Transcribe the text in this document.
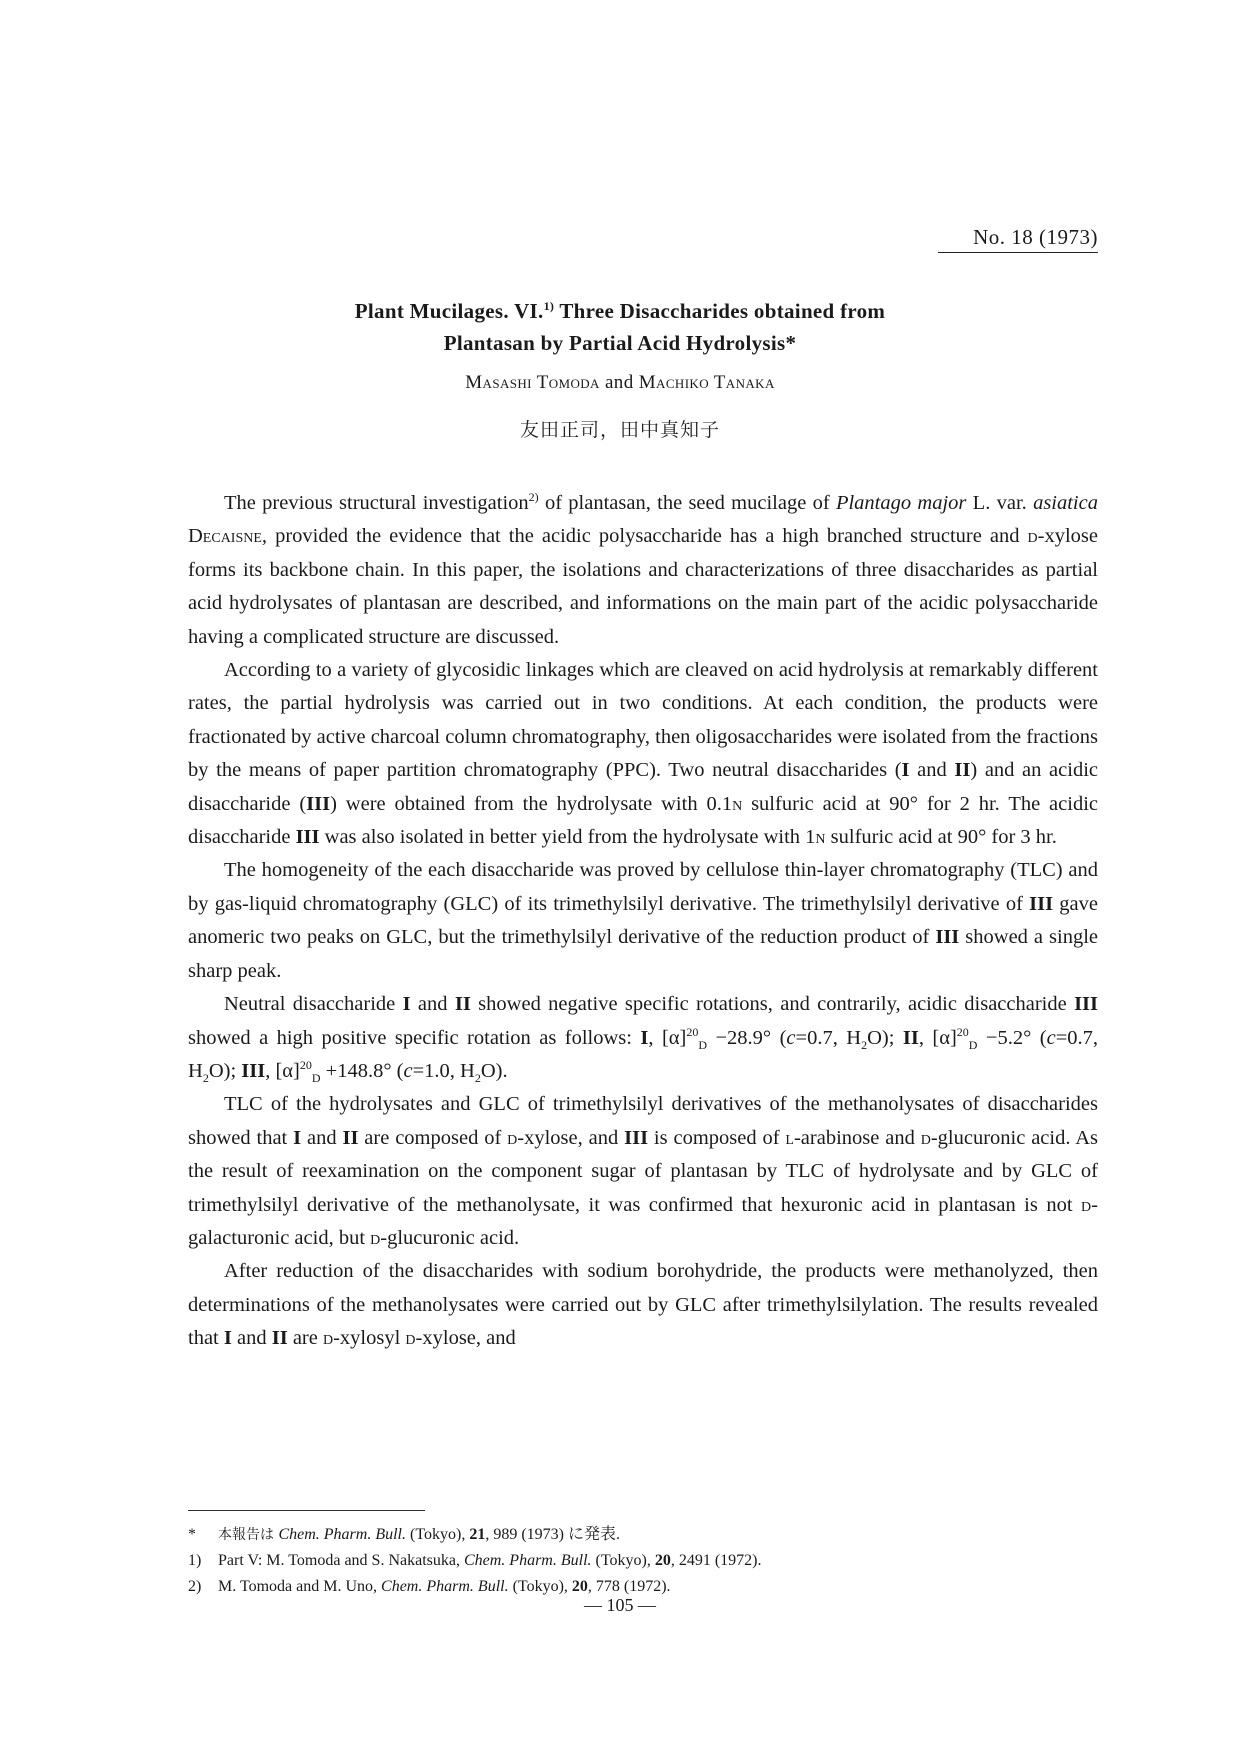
No. 18 (1973)
Plant Mucilages. VI.$^{1)}$ Three Disaccharides obtained from
Plantasan by Partial Acid Hydrolysis*
Masashi Tomoda and Machiko Tanaka
友田正司，田中真知子

The previous structural investigation$^{2)}$ of plantasan, the seed mucilage of Plantago major L. var. asiatica Decaisne, provided the evidence that the acidic polysaccharide has a high branched structure and d-xylose forms its backbone chain. In this paper, the isolations and characterizations of three disaccharides as partial acid hydrolysates of plantasan are described, and informations on the main part of the acidic polysaccharide having a complicated structure are discussed.

According to a variety of glycosidic linkages which are cleaved on acid hydrolysis at remarkably different rates, the partial hydrolysis was carried out in two conditions. At each condition, the products were fractionated by active charcoal column chromatography, then oligosaccharides were isolated from the fractions by the means of paper partition chromatography (PPC). Two neutral disaccharides (I and II) and an acidic disaccharide (III) were obtained from the hydrolysate with 0.1n sulfuric acid at 90° for 2 hr. The acidic disaccharide III was also isolated in better yield from the hydrolysate with 1n sulfuric acid at 90° for 3 hr.

The homogeneity of the each disaccharide was proved by cellulose thin-layer chromatography (TLC) and by gas-liquid chromatography (GLC) of its trimethylsilyl derivative. The trimethylsilyl derivative of III gave anomeric two peaks on GLC, but the trimethylsilyl derivative of the reduction product of III showed a single sharp peak.

Neutral disaccharide I and II showed negative specific rotations, and contrarily, acidic disaccharide III showed a high positive specific rotation as follows: I, $[\alpha]^{20}_D -28.9^\circ$ (c=0.7, $H_2O$); II, $[\alpha]^{20}_D -5.2^\circ$ (c=0.7, $H_2O$); III, $[\alpha]^{20}_D +148.8^\circ$ (c=1.0, $H_2O$).

TLC of the hydrolysates and GLC of trimethylsilyl derivatives of the methanolysates of disaccharides showed that I and II are composed of d-xylose, and III is composed of l-arabinose and d-glucuronic acid. As the result of reexamination on the component sugar of plantasan by TLC of hydrolysate and by GLC of trimethylsilyl derivative of the methanolysate, it was confirmed that hexuronic acid in plantasan is not d-galacturonic acid, but d-glucuronic acid.

After reduction of the disaccharides with sodium borohydride, the products were methanolyzed, then determinations of the methanolysates were carried out by GLC after trimethylsilylation. The results revealed that I and II are d-xylosyl d-xylose, and

*	本報告は Chem. Pharm. Bull. (Tokyo), 21, 989 (1973) に発表.
1)	Part V: M. Tomoda and S. Nakatsuka, Chem. Pharm. Bull. (Tokyo), 20, 2491 (1972).
2)	M. Tomoda and M. Uno, Chem. Pharm. Bull. (Tokyo), 20, 778 (1972).
— 105 —
